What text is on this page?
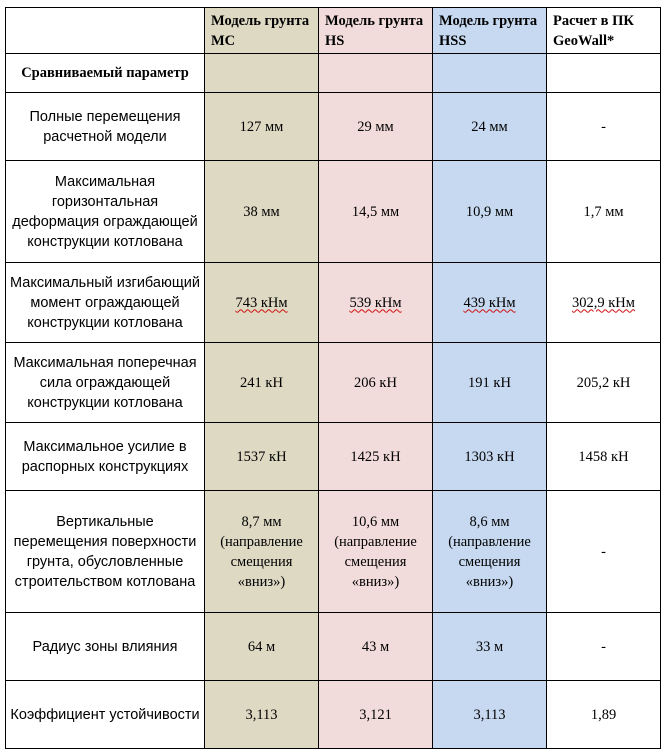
	Модель грунта МС	Модель грунта HS	Модель грунта HSS	Расчет в ПК GeoWall*
Сравниваемый параметр				
Полные перемещения расчетной модели	127 мм	29 мм	24 мм	-
Максимальная горизонтальная деформация ограждающей конструкции котлована	38 мм	14,5 мм	10,9 мм	1,7 мм
Максимальный изгибающий момент ограждающей конструкции котлована	743 кНм	539 кНм	439 кНм	302,9 кНм
Максимальная поперечная сила ограждающей конструкции котлована	241 кН	206 кН	191 кН	205,2 кН
Максимальное усилие в распорных конструкциях	1537 кН	1425 кН	1303 кН	1458 кН
Вертикальные перемещения поверхности грунта, обусловленные строительством котлована	8,7 мм (направление смещения «вниз»)	10,6 мм (направление смещения «вниз»)	8,6 мм (направление смещения «вниз»)	-
Радиус зоны влияния	64 м	43 м	33 м	-
Коэффициент устойчивости	3,113	3,121	3,113	1,89
